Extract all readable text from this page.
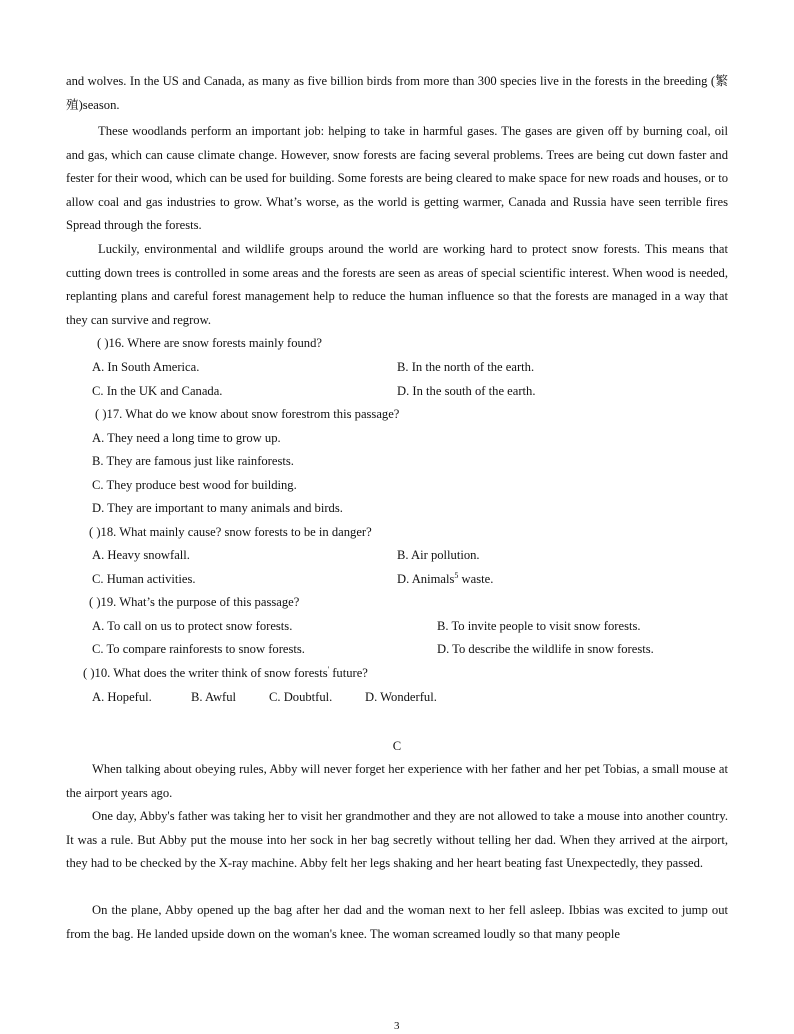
and wolves. In the US and Canada, as many as five billion birds from more than 300 species live in the forests in the breeding (繁殖)season.

These woodlands perform an important job: helping to take in harmful gases. The gases are given off by burning coal, oil and gas, which can cause climate change. However, snow forests are facing several problems. Trees are being cut down faster and fester for their wood, which can be used for building. Some forests are being cleared to make space for new roads and houses, or to allow coal and gas industries to grow. What’s worse, as the world is getting warmer, Canada and Russia have seen terrible fires Spread through the forests.

Luckily, environmental and wildlife groups around the world are working hard to protect snow forests. This means that cutting down trees is controlled in some areas and the forests are seen as areas of special scientific interest. When wood is needed, replanting plans and careful forest management help to reduce the human influence so that the forests are managed in a way that they can survive and regrow.

( )16. Where are snow forests mainly found?
A. In South America.	B. In the north of the earth.
C. In the UK and Canada.	D. In the south of the earth.
( )17. What do we know about snow forestrom this passage?
A. They need a long time to grow up.
B. They are famous just like rainforests.
C. They produce best wood for building.
D. They are important to many animals and birds.
( )18. What mainly cause? snow forests to be in danger?
A. Heavy snowfall.	B. Air pollution.
C. Human activities.	D. Animals$^5$ waste.
( )19. What’s the purpose of this passage?
A. To call on us to protect snow forests.	B. To invite people to visit snow forests.
C. To compare rainforests to snow forests.	D. To describe the wildlife in snow forests.
( )10. What does the writer think of snow forests' future?
A. Hopeful.	B. Awful	C. Doubtful.	D. Wonderful.
C

When talking about obeying rules, Abby will never forget her experience with her father and her pet Tobias, a small mouse at the airport years ago.

One day, Abby's father was taking her to visit her grandmother and they are not allowed to take a mouse into another country. It was a rule. But Abby put the mouse into her sock in her bag secretly without telling her dad. When they arrived at the airport, they had to be checked by the X-ray machine. Abby felt her legs shaking and her heart beating fast Unexpectedly, they passed.

On the plane, Abby opened up the bag after her dad and the woman next to her fell asleep. Ibbias was excited to jump out from the bag. He landed upside down on the woman's knee. The woman screamed loudly so that many people

3
